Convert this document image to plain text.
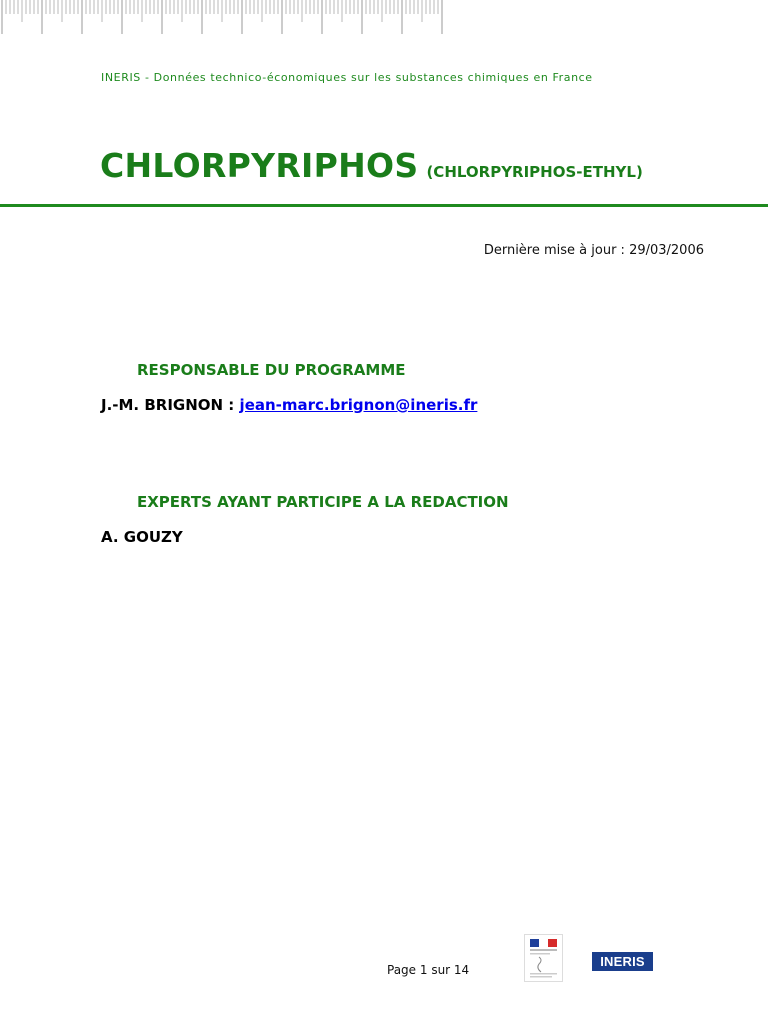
INERIS - Données technico-économiques sur les substances chimiques en France
CHLORPYRIPHOS (CHLORPYRIPHOS-ETHYL)
Dernière mise à jour : 29/03/2006
RESPONSABLE DU PROGRAMME
J.-M. BRIGNON : jean-marc.brignon@ineris.fr
EXPERTS AYANT PARTICIPE A LA REDACTION
A. GOUZY
Page 1 sur 14
INERIS
